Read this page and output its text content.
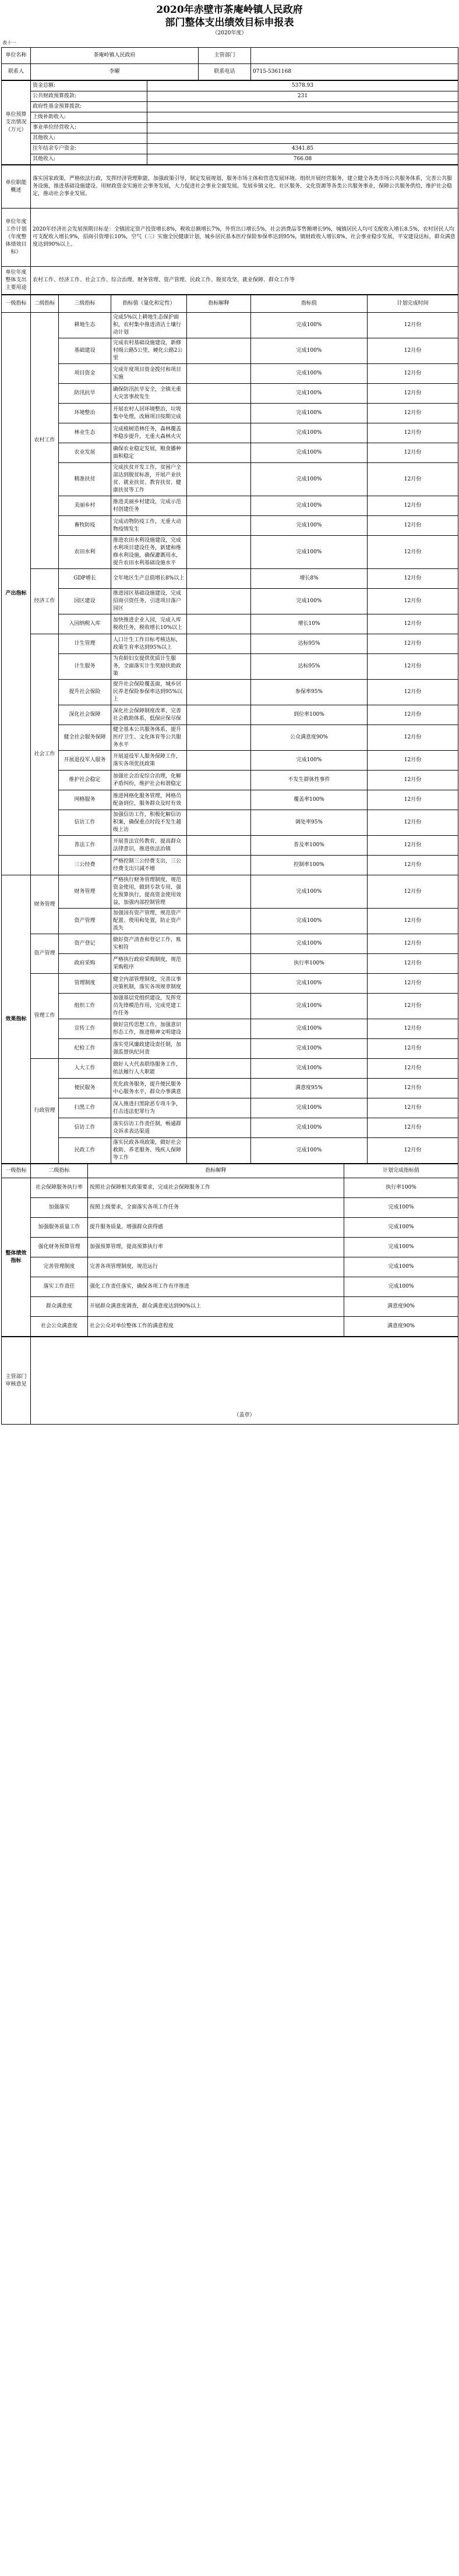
2020年赤壁市茶庵岭镇人民政府
部门整体支出绩效目标申报表
（2020年度）
表十一
单位名称	茶庵岭镇人民政府	主管部门	
联系人	李曜	联系电话	0715-5361168
单位预算支出情况（万元）	资金总额:	5378.93
	公共财政预算拨款:	231
	政府性基金预算拨款:	
	上级补助收入:	
	事业单位经营收入:	
	其他收入:	
	往年结余专户资金:	4341.85
	其他收入:	766.08
单位职能概述	落实国家政策，严格依法行政，发挥经济管理职能，加强政策引导，制定发展规划，服务市场主体和营造发展环境。组织开展经营服务，建立健全各类市场公共服务体系，完善公共服务设施，推进基础设施建设。用财政资金实施社会事务发展，大力促进社会事业全面发展。发展乡镇文化、社区服务、文化资源等各类公共服务事业，保障公共服务供给，维护社会稳定，推动社会事业发展。
单位年度工作计划（年度整体绩效目标）	2020年经济社会发展预期目标是：全镇固定资产投资增长8%，税收总额增长7%，外贸出口增长5%，社会消费品零售额增长9%，城镇居民人均可支配收入增长8.5%，农村居民人均可支配收入增长9%，招商引资增长10%，空气（三）实施全民健康计划，城乡居民基本医疗保险参保率达到95%，镇财政收入增长8%，社会事业稳步发展，平安建设达标，群众满意度达到90%以上。
单位年度整体支出主要用途	农村工作、经济工作、社会工作、综合治理、财务管理、资产管理、民政工作、脱贫攻坚、就业保障、群众工作等
一级指标	二级指标	三级指标	指标值（量化和定性）	指标解释	指标值	计划完成时间
产出指标	农村工作	耕地生态	完成5%以上耕地生态保护面积，农村集中推进清洁土壤行动计划		完成100%	12月份
		基础建设	完成农村基础设施建设，新修村级公路5公里，硬化公路2公里		完成100%	12月份
		项目资金	完成年度项目资金拨付和项目实施		完成100%	12月份
		防汛抗旱	确保防汛抗旱安全，全镇无重大灾害事故发生		完成100%	12月份
		环境整治	开展农村人居环境整治，垃圾集中处理，改厕项目按期完成		完成100%	12月份
		林业生态	完成植树造林任务，森林覆盖率稳步提升，无重大森林火灾		完成100%	12月份
		农业发展	确保农业稳定发展，粮食播种面积稳定		完成100%	12月份
		精准扶贫	完成扶贫开发工作，贫困户全部达到脱贫标准，开展产业扶贫、就业扶贫、教育扶贫、健康扶贫等工作		完成100%	12月份
		美丽乡村	推进美丽乡村建设，完成示范村创建任务		完成100%	12月份
		畜牧防疫	完成动物防疫工作，无重大动物疫情发生		完成100%	12月份
		农田水利	推进农田水利设施建设，完成水利项目建设任务，新建和维修水利设施，确保灌溉用水，提升农田水利基础设施水平		完成100%	12月份
	经济工作	GDP增长	全年地区生产总值增长8%以上		增长8%	12月份
		园区建设	推进园区基础设施建设，完成招商引资任务，引进项目落户园区		完成100%	12月份
		入园纳税入库	加快推进企业入园，完成入库税收任务，税收增长10%以上		增长10%	12月份
	社会工作	计生管理	人口计生工作目标考核达标，政策生育率达到95%以上		达标95%	12月份
		计生服务	为育龄妇女提供优质计生服务，全面落实计生奖励扶助政策		达标95%	12月份
		提升社会保险	提升社会保险覆盖面，城乡居民养老保险参保率达到95%以上		参保率95%	12月份
		深化社会保障	深化社会保障制度改革，完善社会救助体系，低保应保尽保		到位率100%	12月份
		健全社会服务保障	健全基本公共服务体系，提升医疗卫生、文化体育等公共服务水平		公众满意度90%	12月份
		开展退役军人服务	开展退役军人服务保障工作，落实各项优抚政策		完成100%	12月份
		维护社会稳定	加强社会治安综合治理，化解矛盾纠纷，维护社会和谐稳定		不发生群体性事件	12月份
		网格服务	推进网格化服务管理，网格员配备到位，服务群众及时有效		覆盖率100%	12月份
		信访工作	加强信访工作，积极化解信访积案，确保重点时段不发生越级上访		调处率95%	12月份
		普法工作	开展普法宣传教育，提高群众法律意识，推进依法治镇		普及率100%	12月份
		三公经费	严格控制三公经费支出，三公经费支出只减不增		控制率100%	12月份
效果指标	财务管理	财务管理	严格执行财务管理制度，规范资金使用，做到专款专用，强化预算执行，提高资金使用效益，加强内部控制管理		完成100%	12月份
		资产管理	加强国有资产管理，规范资产配置、使用和处置，防止资产流失		完成100%	12月份
	资产管理	资产登记	做好资产清查和登记工作，账实相符		完成100%	12月份
		政府采购	严格执行政府采购制度，规范采购程序		执行率100%	12月份
	管理工作	管理制度	健全内部管理制度，完善议事决策机制，落实各项规章制度		完成100%	12月份
		组织工作	加强基层党组织建设，发挥党员先锋模范作用，完成党建工作任务		完成100%	12月份
		宣传工作	做好宣传思想工作，加强意识形态工作，推进精神文明建设		完成100%	12月份
		纪检工作	落实党风廉政建设责任制，加强监督执纪问责		完成100%	12月份
	行政管理	人大工作	做好人大代表联络服务工作，依法履行人大职能		完成100%	12月份
		便民服务	优化政务服务，提升便民服务中心服务水平，群众办事满意		满意度95%	12月份
		扫黑工作	深入推进扫黑除恶专项斗争，打击违法犯罪行为		完成100%	12月份
		信访工作	落实信访工作责任制，畅通群众诉求表达渠道		完成100%	12月份
		民政工作	落实民政各项政策，做好社会救助、养老服务、残疾人保障等工作		完成100%	12月份
一级指标	二级指标	指标解释	计划完成指标值
整体绩效指标	社会保障服务执行率	按照社会保障相关政策要求，完成社会保障服务工作	执行率100%
	加强落实	按照上级要求，全面落实各项工作任务	完成100%
	加强服务质量工作	提升服务质量，增强群众获得感	完成100%
	强化财务预算管理	加强预算管理，提高预算执行率	完成100%
	完善管理制度	完善各项管理制度，规范运行	完成100%
	落实工作责任	强化工作责任落实，确保各项工作有序推进	完成100%
	群众满意度	开展群众满意度调查，群众满意度达到90%以上	满意度90%
	社会公众满意度	社会公众对单位整体工作的满意程度	满意度90%
主管部门审核意见	
（盖章）
